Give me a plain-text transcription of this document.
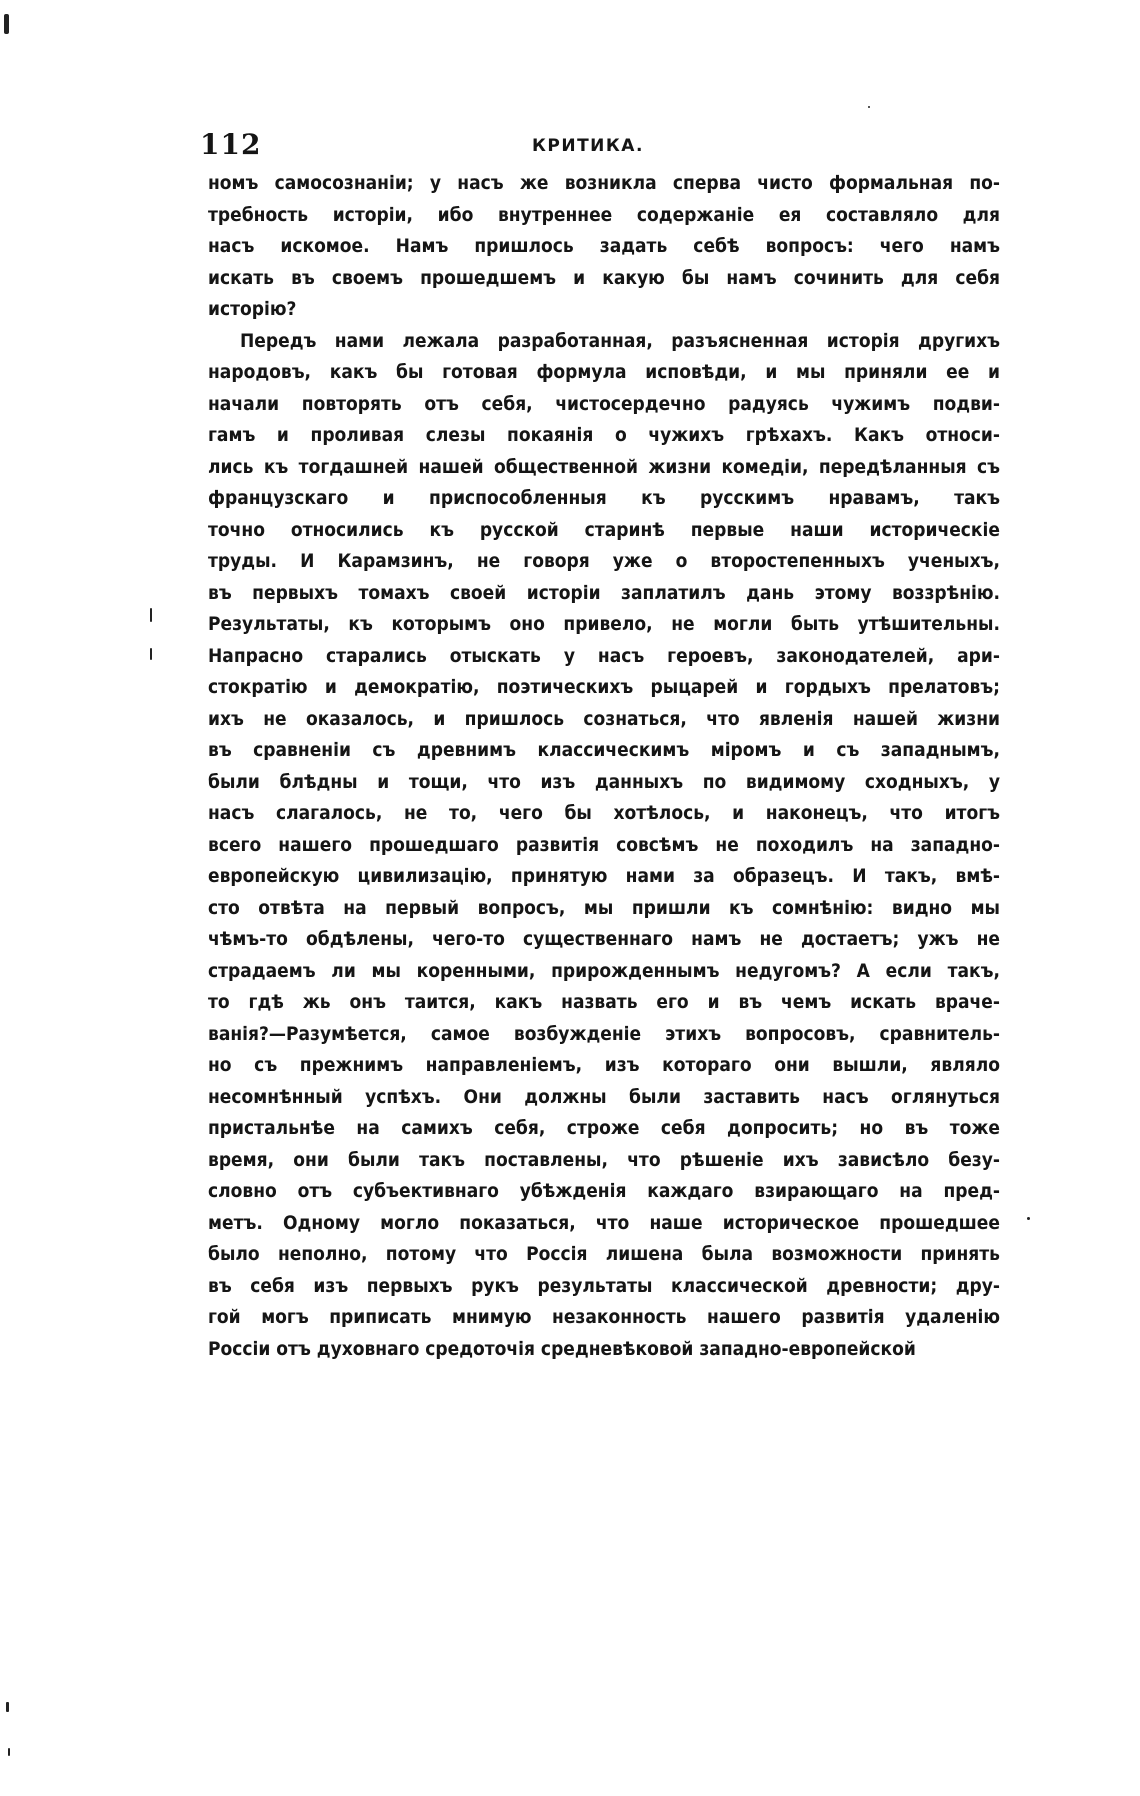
112	КРИТИКА.
номъ самосознаніи; у насъ же возникла сперва чисто формальная по-
требность исторіи, ибо внутреннее содержаніе ея составляло для
насъ искомое. Намъ пришлось задать себѣ вопросъ: чего намъ
искать въ своемъ прошедшемъ и какую бы намъ сочинить для себя
исторію?
Передъ нами лежала разработанная, разъясненная исторія другихъ
народовъ, какъ бы готовая формула исповѣди, и мы приняли ее и
начали повторять отъ себя, чистосердечно радуясь чужимъ подви-
гамъ и проливая слезы покаянія о чужихъ грѣхахъ. Какъ относи-
лись къ тогдашней нашей общественной жизни комедіи, передѣланныя съ
французскаго и приспособленныя къ русскимъ нравамъ, такъ
точно относились къ русской старинѣ первые наши историческіе
труды. И Карамзинъ, не говоря уже о второстепенныхъ ученыхъ,
въ первыхъ томахъ своей исторіи заплатилъ дань этому воззрѣнію.
Результаты, къ которымъ оно привело, не могли быть утѣшительны.
Напрасно старались отыскать у насъ героевъ, законодателей, ари-
стократію и демократію, поэтическихъ рыцарей и гордыхъ прелатовъ;
ихъ не оказалось, и пришлось сознаться, что явленія нашей жизни
въ сравненіи съ древнимъ классическимъ міромъ и съ западнымъ,
были блѣдны и тощи, что изъ данныхъ по видимому сходныхъ, у
насъ слагалось, не то, чего бы хотѣлось, и наконецъ, что итогъ
всего нашего прошедшаго развитія совсѣмъ не походилъ на западно-
европейскую цивилизацію, принятую нами за образецъ. И такъ, вмѣ-
сто отвѣта на первый вопросъ, мы пришли къ сомнѣнію: видно мы
чѣмъ-то обдѣлены, чего-то существеннаго намъ не достаетъ; ужъ не
страдаемъ ли мы коренными, прирожденнымъ недугомъ? А если такъ,
то гдѣ жь онъ таится, какъ назвать его и въ чемъ искать враче-
ванія?—Разумѣется, самое возбужденіе этихъ вопросовъ, сравнитель-
но съ прежнимъ направленіемъ, изъ котораго они вышли, являло
несомнѣнный успѣхъ. Они должны были заставить насъ оглянуться
пристальнѣе на самихъ себя, строже себя допросить; но въ тоже
время, они были такъ поставлены, что рѣшеніе ихъ зависѣло безу-
словно отъ субъективнаго убѣжденія каждаго взирающаго на пред-
метъ. Одному могло показаться, что наше историческое прошедшее
было неполно, потому что Россія лишена была возможности принять
въ себя изъ первыхъ рукъ результаты классической древности; дру-
гой могъ приписать мнимую незаконность нашего развитія удаленію
Россіи отъ духовнаго средоточія средневѣковой западно-европейской
